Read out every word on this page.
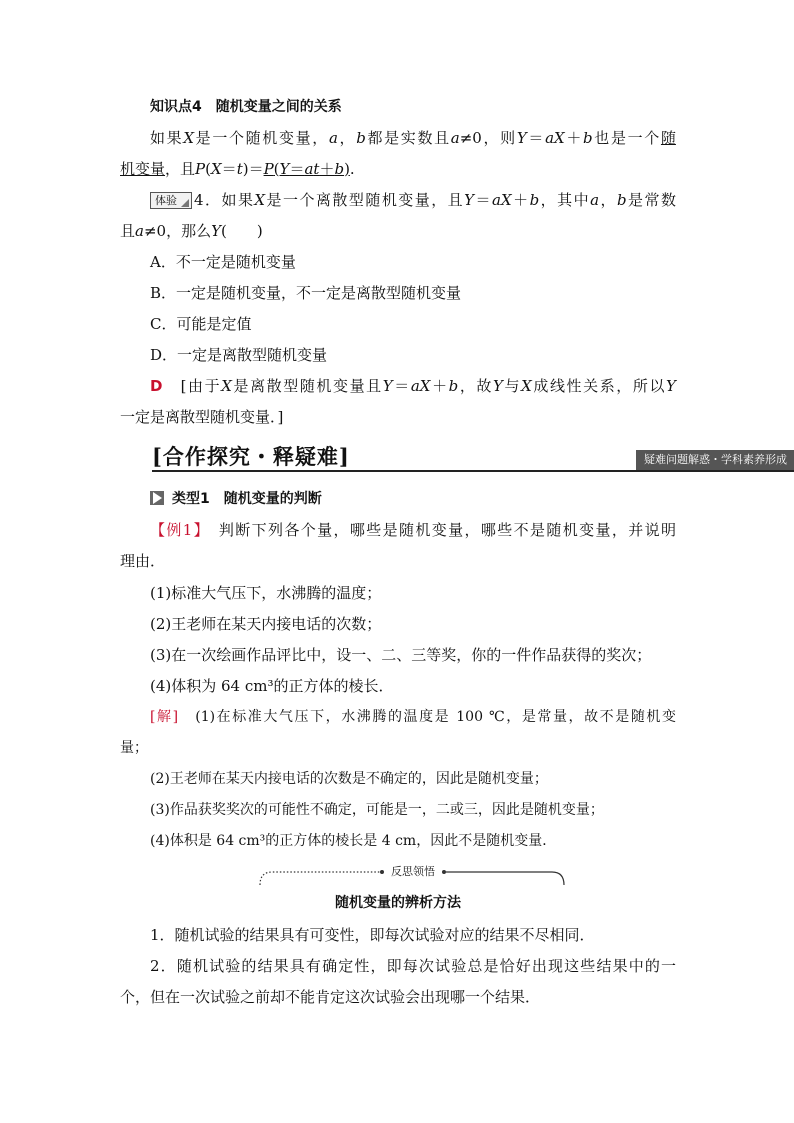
知识点4　随机变量之间的关系
如果X是一个随机变量，a，b都是实数且a≠0，则Y＝aX＋b也是一个随
机变量，且P(X＝t)＝P(Y＝at＋b).
体验 4．如果X是一个离散型随机变量，且Y＝aX＋b，其中a，b是常数
且a≠0，那么Y(　　)
A．不一定是随机变量
B．一定是随机变量，不一定是离散型随机变量
C．可能是定值
D．一定是离散型随机变量
D　 [由于X是离散型随机变量且Y＝aX＋b，故Y与X成线性关系，所以Y
一定是离散型随机变量．]
[合作探究・释疑难]	疑难问题解惑・学科素养形成
类型1　随机变量的判断
【例1】　判断下列各个量，哪些是随机变量，哪些不是随机变量，并说明
理由．
(1)标准大气压下，水沸腾的温度；
(2)王老师在某天内接电话的次数；
(3)在一次绘画作品评比中，设一、二、三等奖，你的一件作品获得的奖次；
(4)体积为 64 cm³的正方体的棱长．
[解]　(1)在标准大气压下，水沸腾的温度是 100 ℃，是常量，故不是随机变
量；
(2)王老师在某天内接电话的次数是不确定的，因此是随机变量；
(3)作品获奖奖次的可能性不确定，可能是一，二或三，因此是随机变量；
(4)体积是 64 cm³的正方体的棱长是 4 cm，因此不是随机变量．
反思领悟
随机变量的辨析方法
1．随机试验的结果具有可变性，即每次试验对应的结果不尽相同．
2．随机试验的结果具有确定性，即每次试验总是恰好出现这些结果中的一
个，但在一次试验之前却不能肯定这次试验会出现哪一个结果．
